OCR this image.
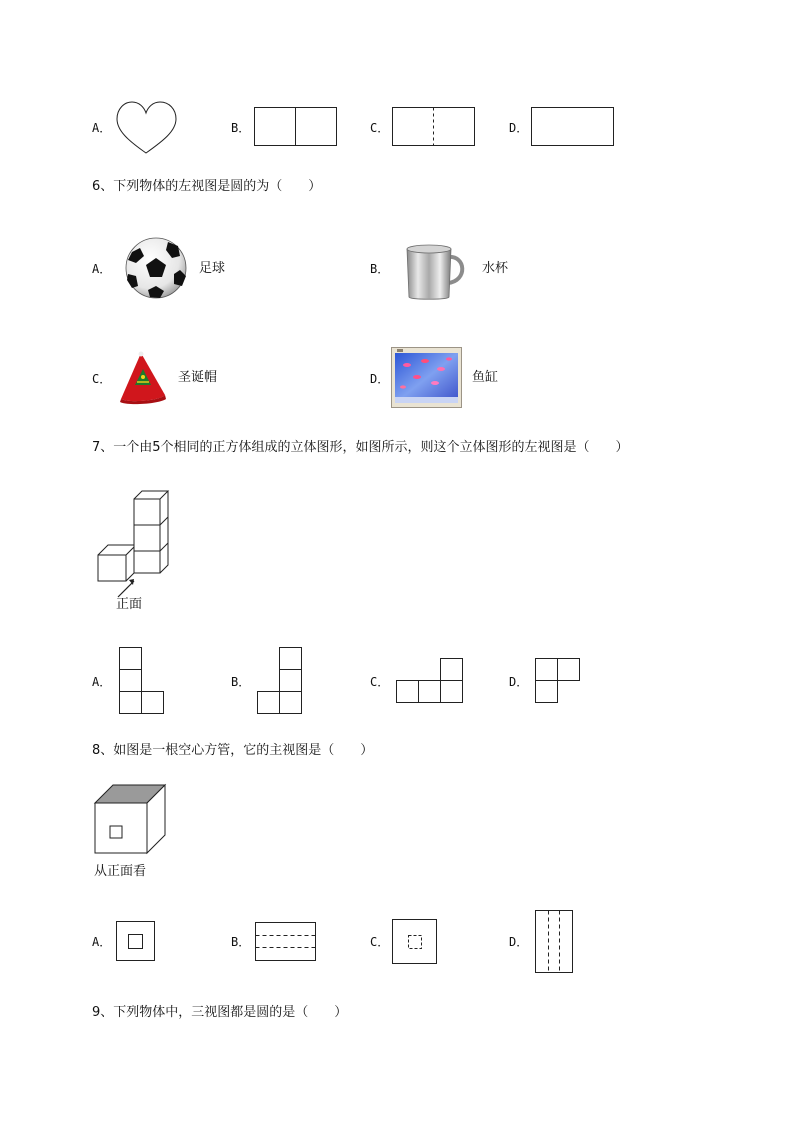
A．	B．	C．	D．
6、下列物体的左视图是圆的为（　　）
A．	足球	B．	水杯
C．	圣诞帽	D．	鱼缸
7、一个由5个相同的正方体组成的立体图形，如图所示，则这个立体图形的左视图是（　　）
正面
A．	B．	C．	D．
8、如图是一根空心方管，它的主视图是（　　）
从正面看
A．	B．	C．	D．
9、下列物体中，三视图都是圆的是（　　）
